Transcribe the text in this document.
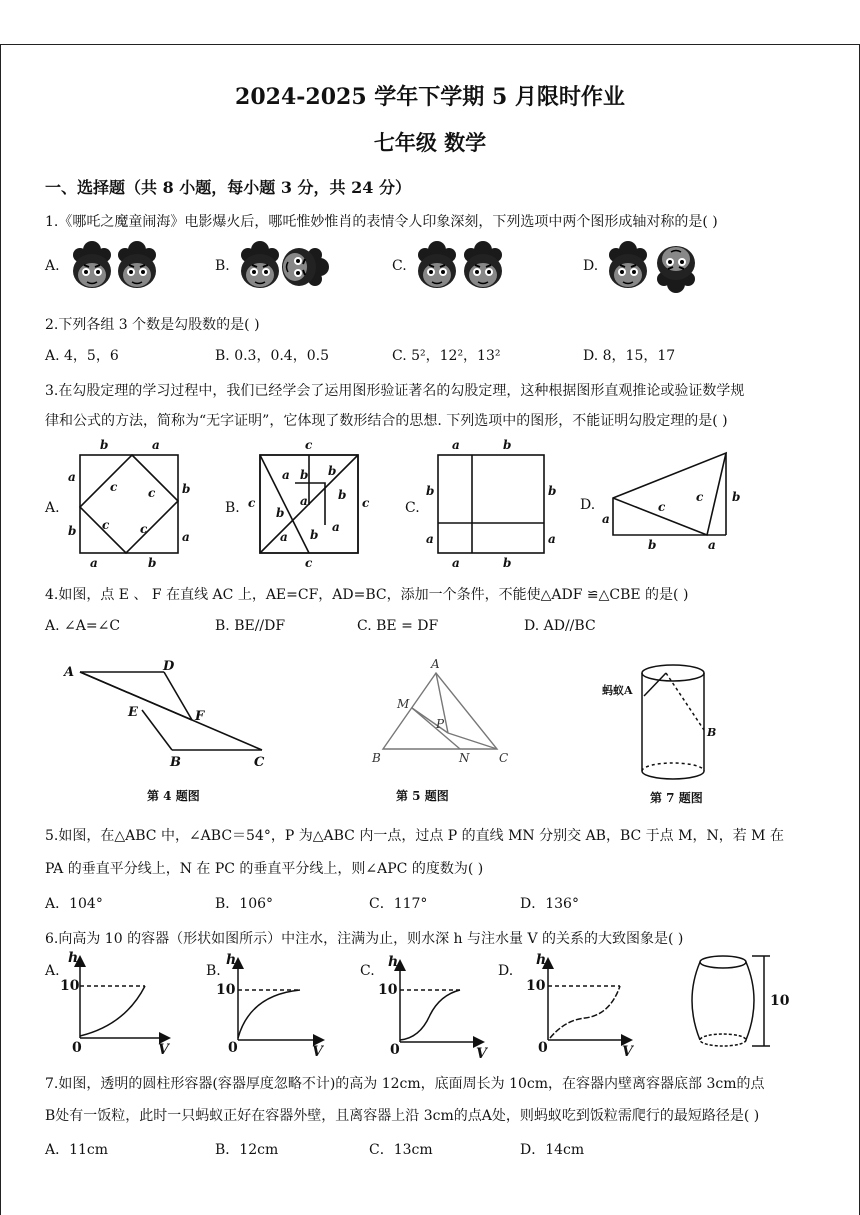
2024-2025 学年下学期 5 月限时作业
七年级 数学
一、选择题（共 8 小题，每小题 3 分，共 24 分）
1.《哪吒之魔童闹海》电影爆火后，哪吒惟妙惟肖的表情令人印象深刻，下列选项中两个图形成轴对称的是( )
A.	B.	C.	D.
2.下列各组 3 个数是勾股数的是( )
A. 4，5，6	B. 0.3，0.4，0.5	C. 5²，12²，13²	D. 8，15，17
3.在勾股定理的学习过程中，我们已经学会了运用图形验证著名的勾股定理，这种根据图形直观推论或验证数学规
律和公式的方法，简称为“无字证明”，它体现了数形结合的思想. 下列选项中的图形，不能证明勾股定理的是( )
A.	B.	C.	D.
b	a
a
b
b
a
a	b
c	c
c	c
c
c
c	c
a b b
b
b
a
a b
a
a	b
b	b
a	a
a	b
c
c
a
b
b	a
4.如图，点 E 、 F 在直线 AC 上，AE=CF，AD=BC，添加一个条件，不能使△ADF ≌△CBE 的是( )
A. ∠A=∠C	B. BE//DF	C. BE = DF	D. AD//BC
A	D
E	F
B	C
A
M
P
B	N C
蚂蚁A
B
第 4 题图	第 5 题图	第 7 题图
5.如图，在△ABC 中，∠ABC＝54°，P 为△ABC 内一点，过点 P 的直线 MN 分别交 AB，BC 于点 M，N，若 M 在
PA 的垂直平分线上，N 在 PC 的垂直平分线上，则∠APC 的度数为( )
A．104°	B．106°	C．117°	D．136°
6.向高为 10 的容器（形状如图所示）中注水，注满为止，则水深 h 与注水量 V 的关系的大致图象是( )
A.	B.	C.	D.
h
10
0	V
h
10
0	V
h
10
0	V
h
10
0	V
10
7.如图，透明的圆柱形容器(容器厚度忽略不计)的高为 12cm，底面周长为 10cm，在容器内壁离容器底部 3cm的点
B处有一饭粒，此时一只蚂蚁正好在容器外壁，且离容器上沿 3cm的点A处，则蚂蚁吃到饭粒需爬行的最短路径是( )
A．11cm	B．12cm	C．13cm	D．14cm
